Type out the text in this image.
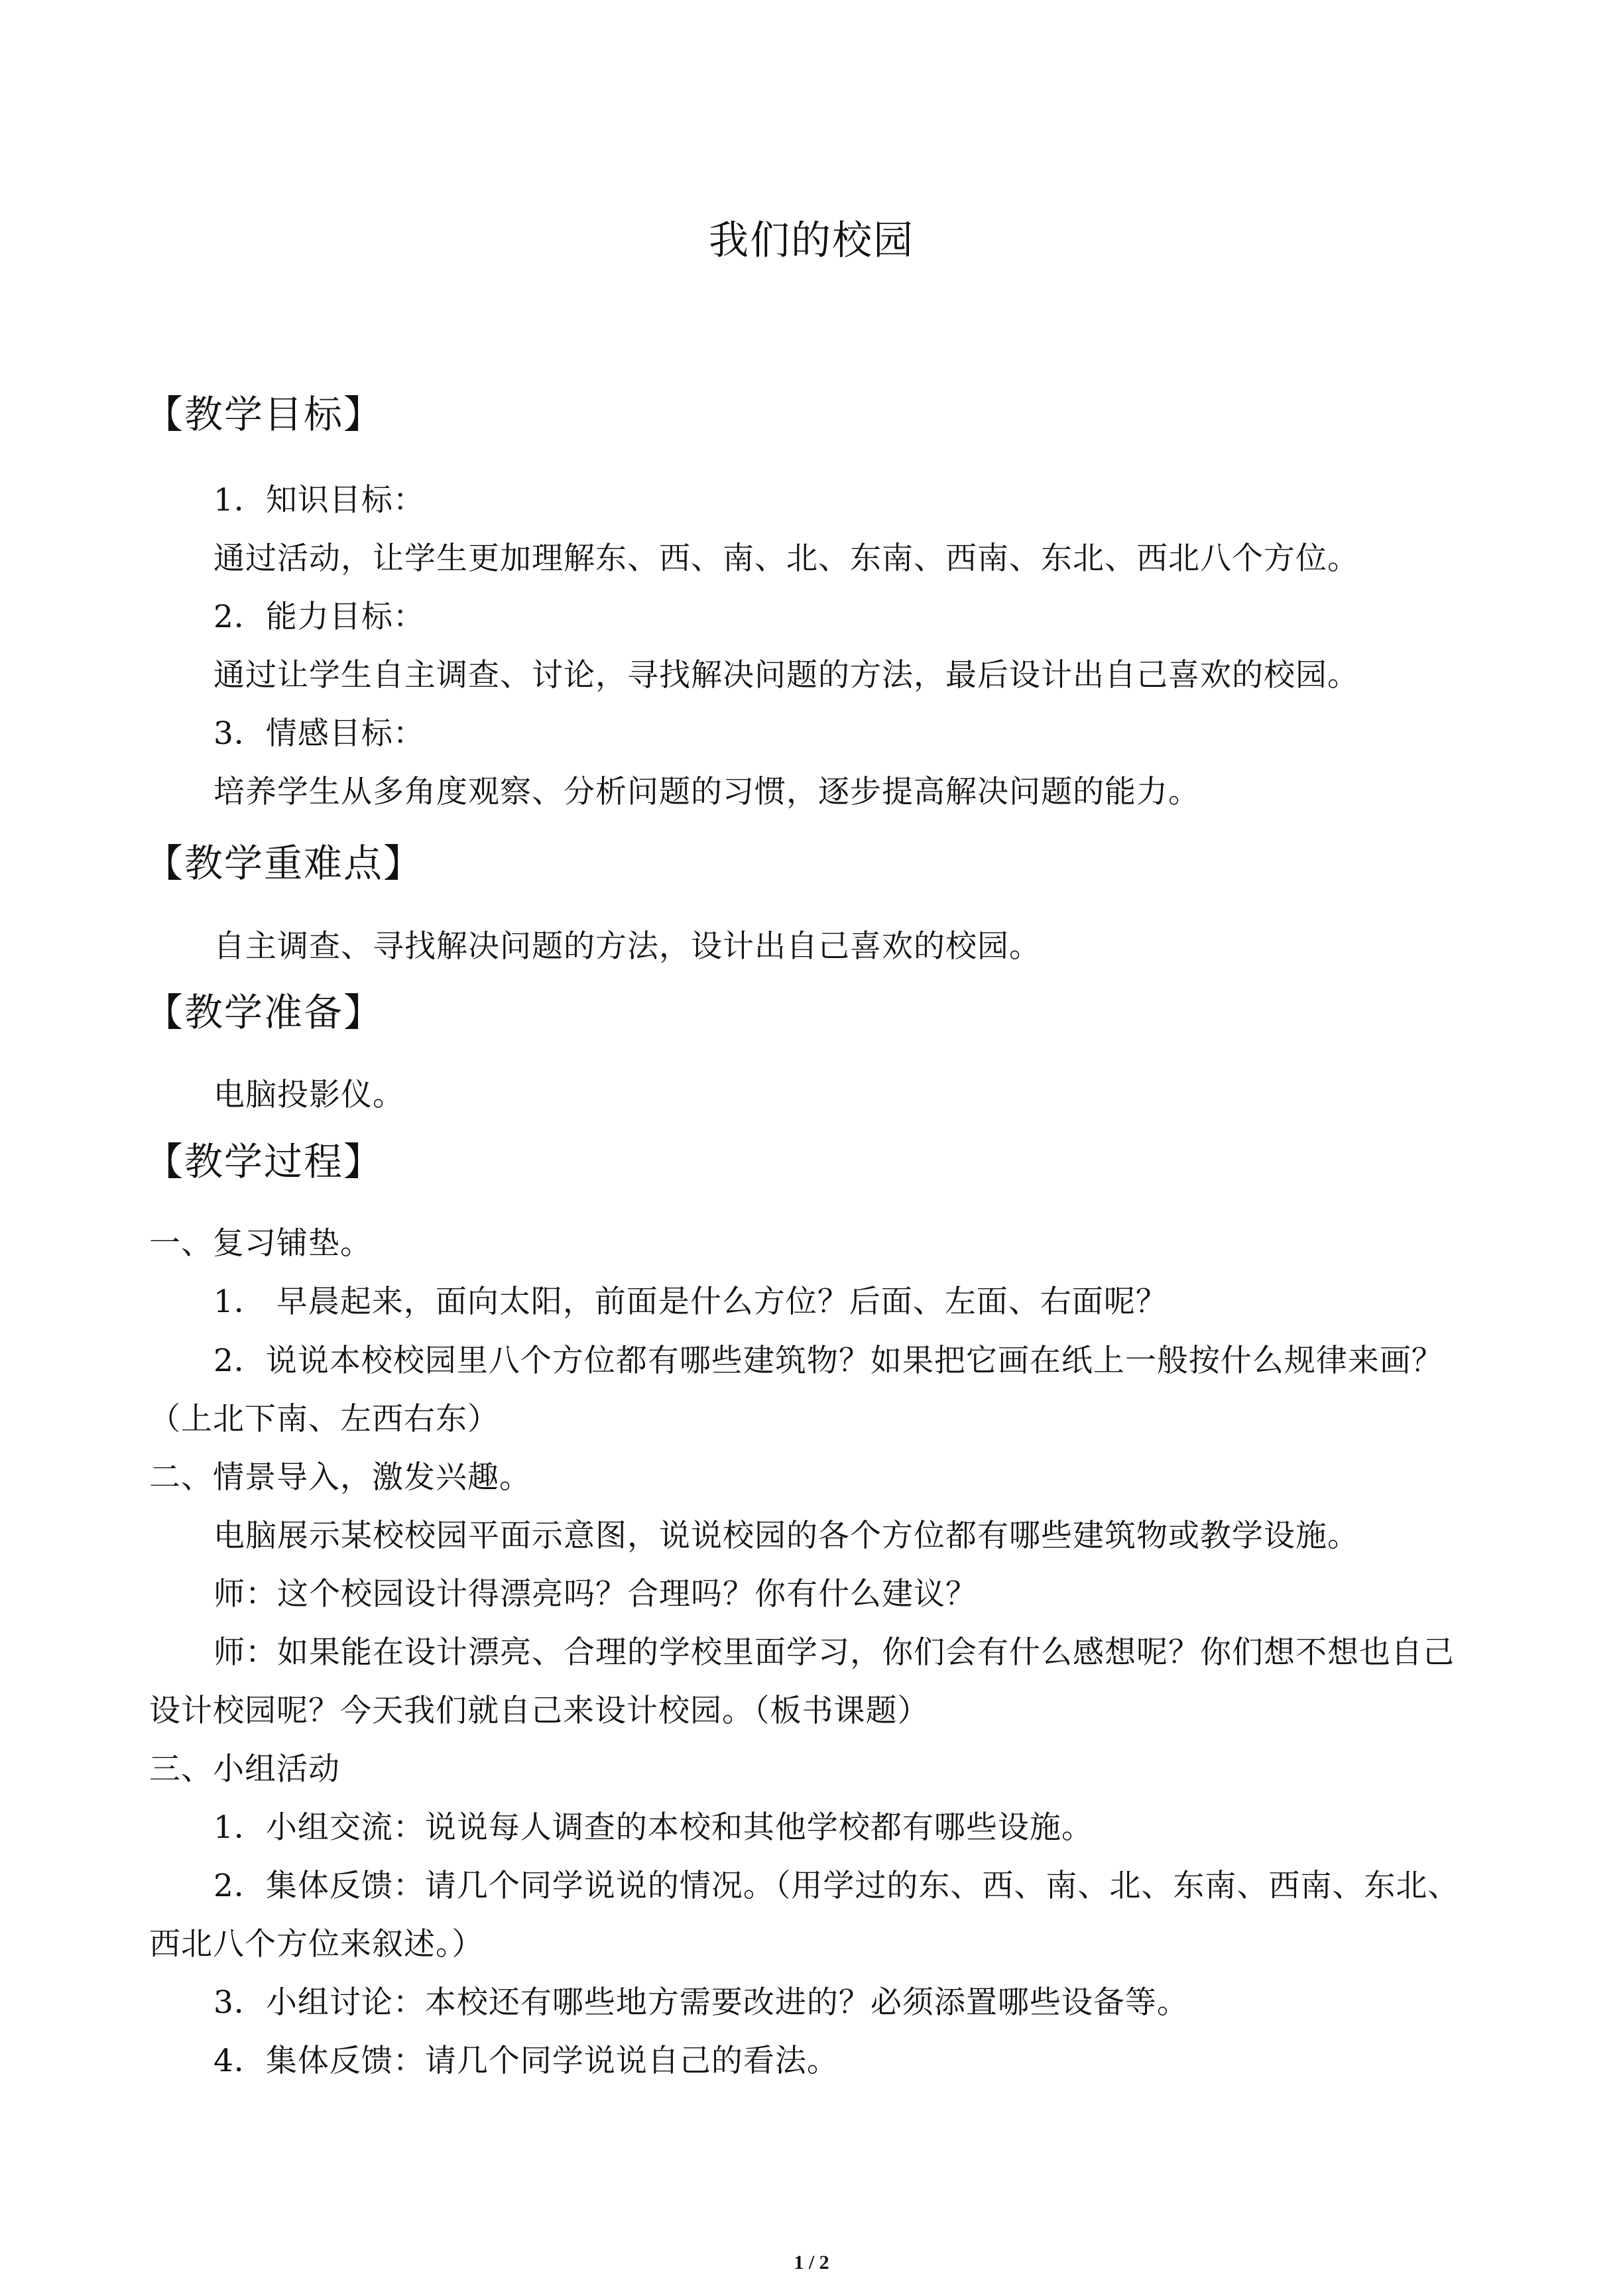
我们的校园
【教学目标】
1．知识目标：
通过活动，让学生更加理解东、西、南、北、东南、西南、东北、西北八个方位。
2．能力目标：
通过让学生自主调查、讨论，寻找解决问题的方法，最后设计出自己喜欢的校园。
3．情感目标：
培养学生从多角度观察、分析问题的习惯，逐步提高解决问题的能力。
【教学重难点】
自主调查、寻找解决问题的方法，设计出自己喜欢的校园。
【教学准备】
电脑投影仪。
【教学过程】
一、复习铺垫。
1． 早晨起来，面向太阳，前面是什么方位？后面、左面、右面呢？
2．说说本校校园里八个方位都有哪些建筑物？如果把它画在纸上一般按什么规律来画？
（上北下南、左西右东）
二、情景导入，激发兴趣。
电脑展示某校校园平面示意图，说说校园的各个方位都有哪些建筑物或教学设施。
师：这个校园设计得漂亮吗？合理吗？你有什么建议？
师：如果能在设计漂亮、合理的学校里面学习，你们会有什么感想呢？你们想不想也自己
设计校园呢？今天我们就自己来设计校园。（板书课题）
三、小组活动
1．小组交流：说说每人调查的本校和其他学校都有哪些设施。
2．集体反馈：请几个同学说说的情况。（用学过的东、西、南、北、东南、西南、东北、
西北八个方位来叙述。）
3．小组讨论：本校还有哪些地方需要改进的？必须添置哪些设备等。
4．集体反馈：请几个同学说说自己的看法。
1 / 2
